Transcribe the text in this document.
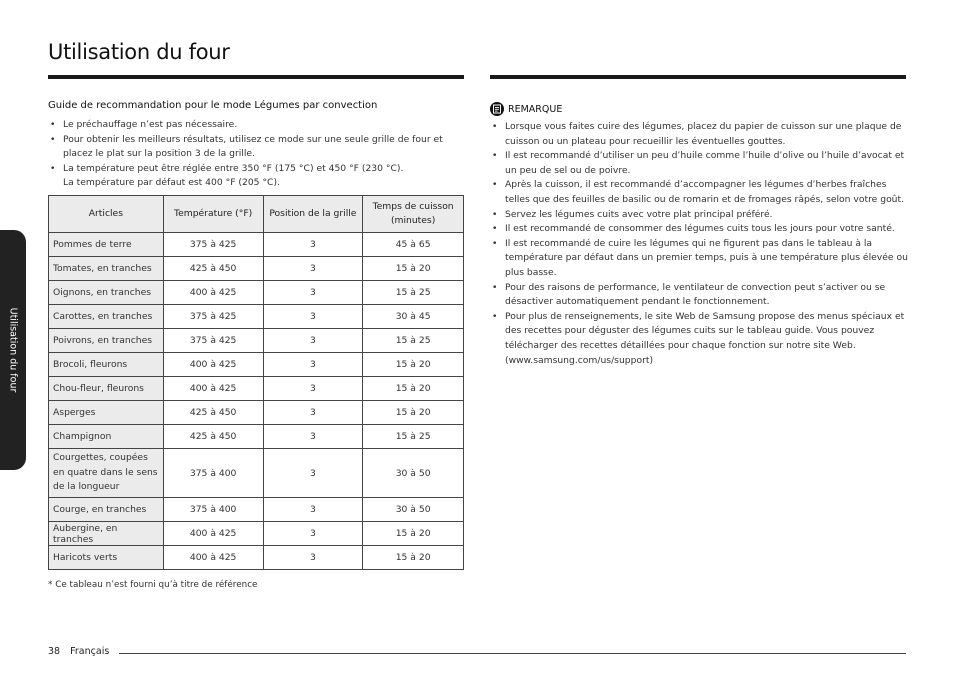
Utilisation du four
Utilisation du four
Guide de recommandation pour le mode Légumes par convection
• Le préchauffage n’est pas nécessaire.
• Pour obtenir les meilleurs résultats, utilisez ce mode sur une seule grille de four et placez le plat sur la position 3 de la grille.
• La température peut être réglée entre 350 °F (175 °C) et 450 °F (230 °C).
La température par défaut est 400 °F (205 °C).
Articles	Température (°F)	Position de la grille	Temps de cuisson (minutes)
Pommes de terre	375 à 425	3	45 à 65
Tomates, en tranches	425 à 450	3	15 à 20
Oignons, en tranches	400 à 425	3	15 à 25
Carottes, en tranches	375 à 425	3	30 à 45
Poivrons, en tranches	375 à 425	3	15 à 25
Brocoli, fleurons	400 à 425	3	15 à 20
Chou-fleur, fleurons	400 à 425	3	15 à 20
Asperges	425 à 450	3	15 à 20
Champignon	425 à 450	3	15 à 25
Courgettes, coupées en quatre dans le sens de la longueur	375 à 400	3	30 à 50
Courge, en tranches	375 à 400	3	30 à 50
Aubergine, en tranches	400 à 425	3	15 à 20
Haricots verts	400 à 425	3	15 à 20
* Ce tableau n’est fourni qu’à titre de référence
REMARQUE
• Lorsque vous faites cuire des légumes, placez du papier de cuisson sur une plaque de cuisson ou un plateau pour recueillir les éventuelles gouttes.
• Il est recommandé d’utiliser un peu d’huile comme l’huile d’olive ou l’huile d’avocat et un peu de sel ou de poivre.
• Après la cuisson, il est recommandé d’accompagner les légumes d’herbes fraîches telles que des feuilles de basilic ou de romarin et de fromages râpés, selon votre goût.
• Servez les légumes cuits avec votre plat principal préféré.
• Il est recommandé de consommer des légumes cuits tous les jours pour votre santé.
• Il est recommandé de cuire les légumes qui ne figurent pas dans le tableau à la température par défaut dans un premier temps, puis à une température plus élevée ou plus basse.
• Pour des raisons de performance, le ventilateur de convection peut s’activer ou se désactiver automatiquement pendant le fonctionnement.
• Pour plus de renseignements, le site Web de Samsung propose des menus spéciaux et des recettes pour déguster des légumes cuits sur le tableau guide. Vous pouvez télécharger des recettes détaillées pour chaque fonction sur notre site Web. (www.samsung.com/us/support)
38 Français
